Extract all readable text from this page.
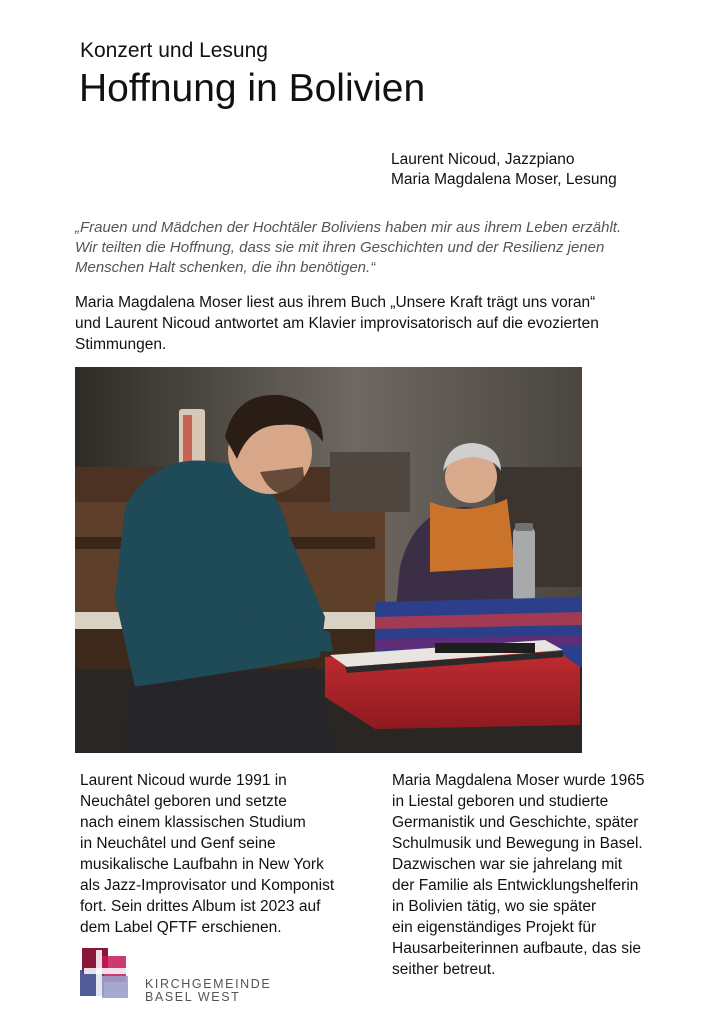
Konzert und Lesung
Hoffnung in Bolivien
Laurent Nicoud, Jazzpiano
Maria Magdalena Moser, Lesung
„Frauen und Mädchen der Hochtäler Boliviens haben mir aus ihrem Leben erzählt.
Wir teilten die Hoffnung, dass sie mit ihren Geschichten und der Resilienz jenen
Menschen Halt schenken, die ihn benötigen.“
Maria Magdalena Moser liest aus ihrem Buch „Unsere Kraft trägt uns voran“
und Laurent Nicoud antwortet am Klavier improvisatorisch auf die evozierten
Stimmungen.
Laurent Nicoud wurde 1991 in
Neuchâtel geboren und setzte
nach einem klassischen Studium
in Neuchâtel und Genf seine
musikalische Laufbahn in New York
als Jazz-Improvisator und Komponist
fort. Sein drittes Album ist 2023 auf
dem Label QFTF erschienen.
Maria Magdalena Moser wurde 1965
in Liestal geboren und studierte
Germanistik und Geschichte, später
Schulmusik und Bewegung in Basel.
Dazwischen war sie jahrelang mit
der Familie als Entwicklungshelferin
in Bolivien tätig, wo sie später
ein eigenständiges Projekt für
Hausarbeiterinnen aufbaute, das sie
seither betreut.
KIRCHGEMEINDE
BASEL WEST
